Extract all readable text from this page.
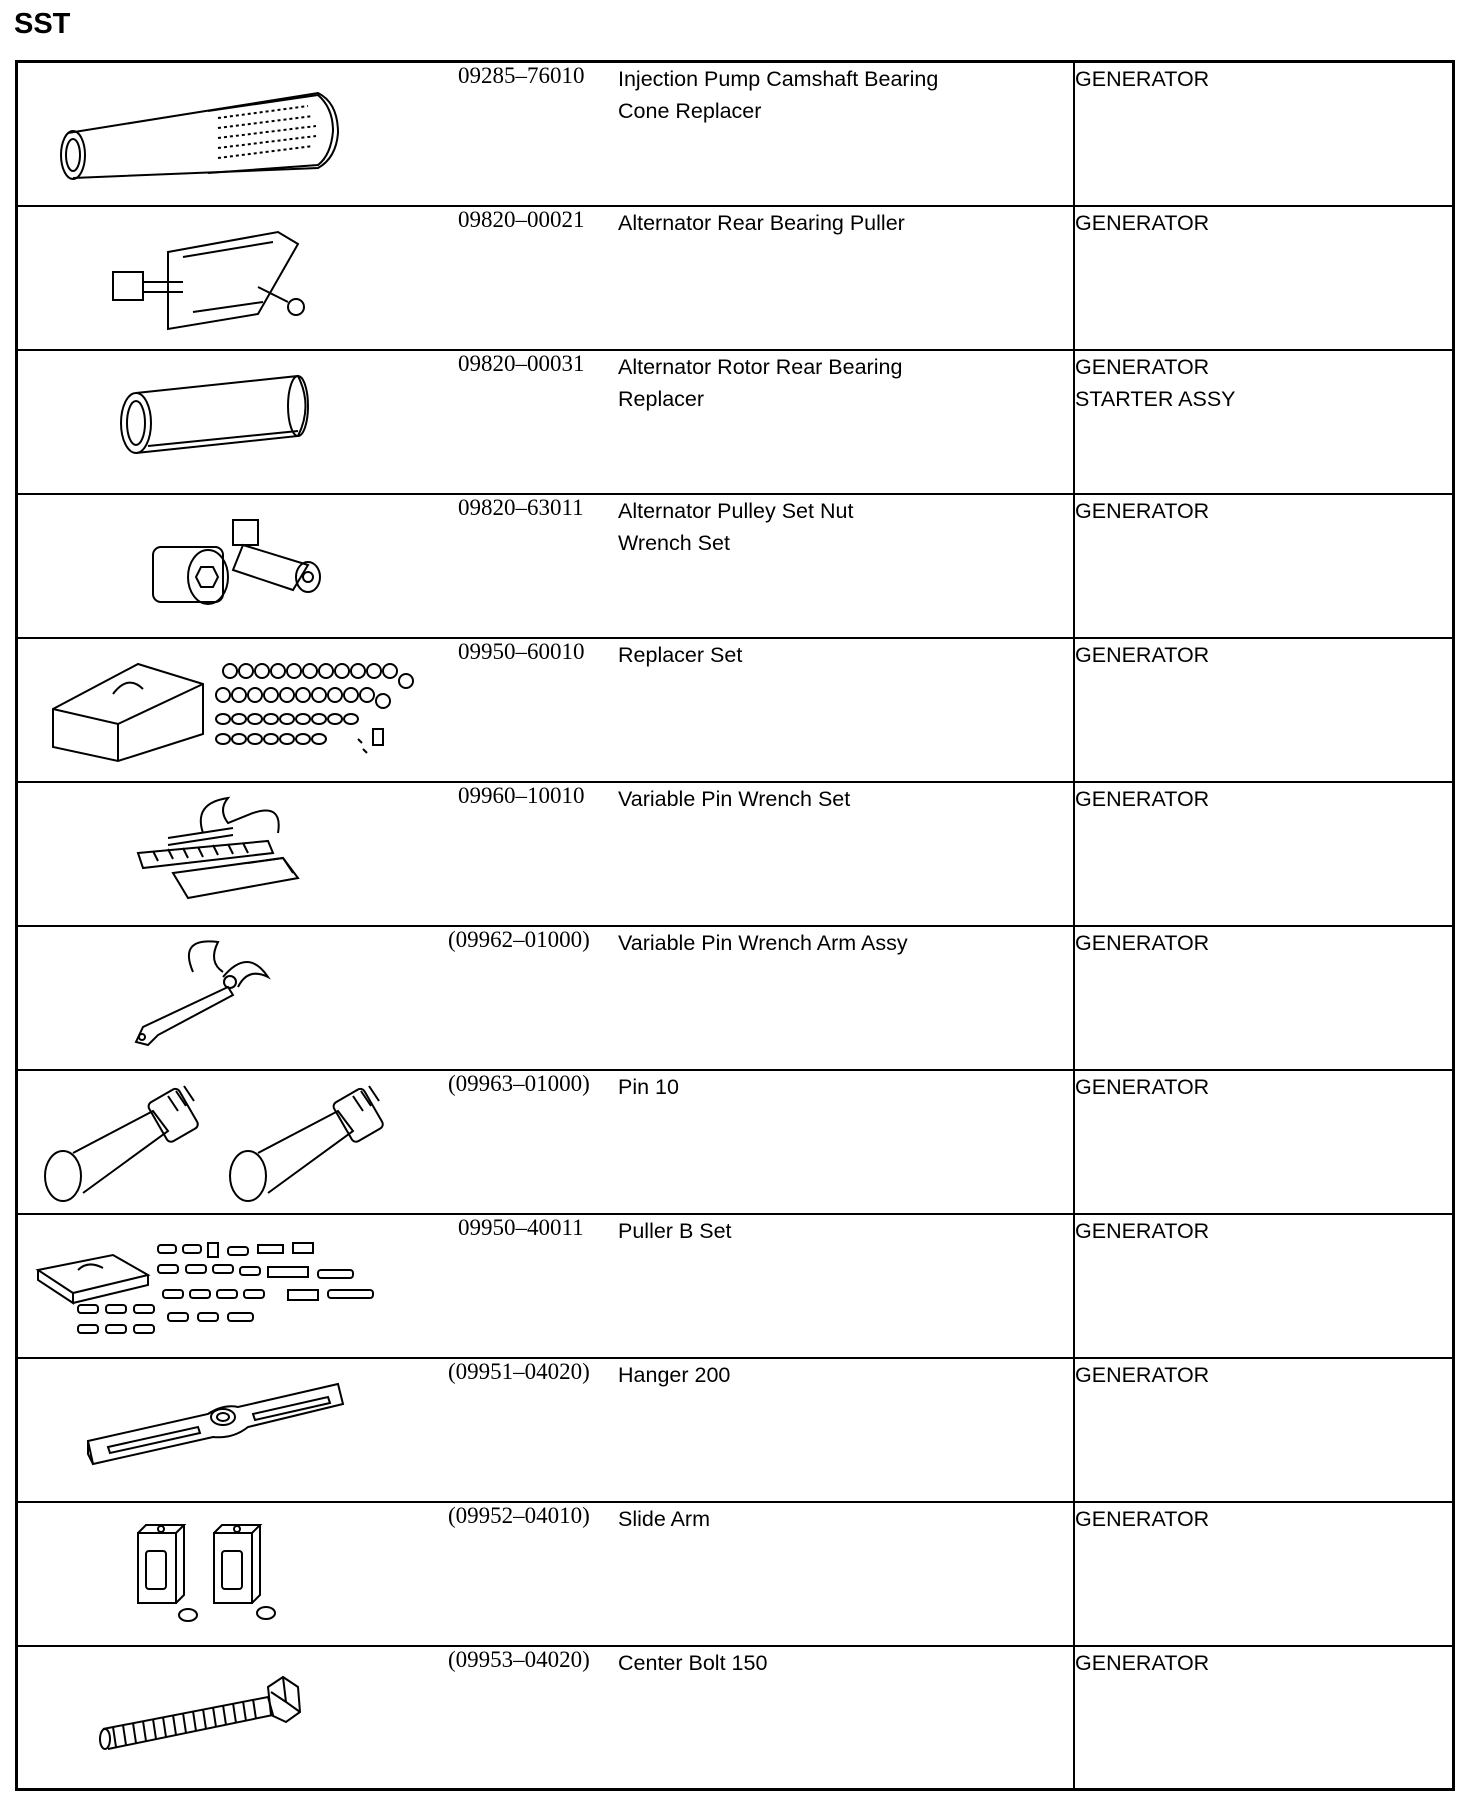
SST
	09285–76010	Injection Pump Camshaft Bearing
Cone Replacer	GENERATOR

	09820–00021	Alternator Rear Bearing Puller	GENERATOR

	09820–00031	Alternator Rotor Rear Bearing
Replacer	GENERATOR
STARTER ASSY

	09820–63011	Alternator Pulley Set Nut
Wrench Set	GENERATOR

	09950–60010	Replacer Set	GENERATOR

	09960–10010	Variable Pin Wrench Set	GENERATOR

	(09962–01000)	Variable Pin Wrench Arm Assy	GENERATOR

	(09963–01000)	Pin 10	GENERATOR

	09950–40011	Puller B Set	GENERATOR

	(09951–04020)	Hanger 200	GENERATOR

	(09952–04010)	Slide Arm	GENERATOR

	(09953–04020)	Center Bolt 150	GENERATOR
